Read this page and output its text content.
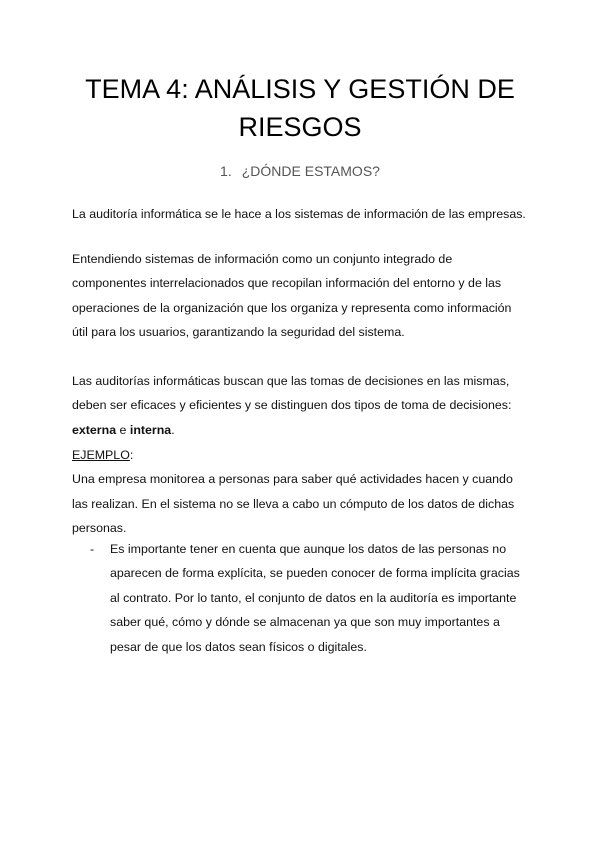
TEMA 4: ANÁLISIS Y GESTIÓN DE RIESGOS

1. ¿DÓNDE ESTAMOS?

La auditoría informática se le hace a los sistemas de información de las empresas.

Entendiendo sistemas de información como un conjunto integrado de componentes interrelacionados que recopilan información del entorno y de las operaciones de la organización que los organiza y representa como información útil para los usuarios, garantizando la seguridad del sistema.

Las auditorías informáticas buscan que las tomas de decisiones en las mismas, deben ser eficaces y eficientes y se distinguen dos tipos de toma de decisiones: externa e interna.

EJEMPLO:
Una empresa monitorea a personas para saber qué actividades hacen y cuando las realizan. En el sistema no se lleva a cabo un cómputo de los datos de dichas personas.
- Es importante tener en cuenta que aunque los datos de las personas no aparecen de forma explícita, se pueden conocer de forma implícita gracias al contrato. Por lo tanto, el conjunto de datos en la auditoría es importante saber qué, cómo y dónde se almacenan ya que son muy importantes a pesar de que los datos sean físicos o digitales.
